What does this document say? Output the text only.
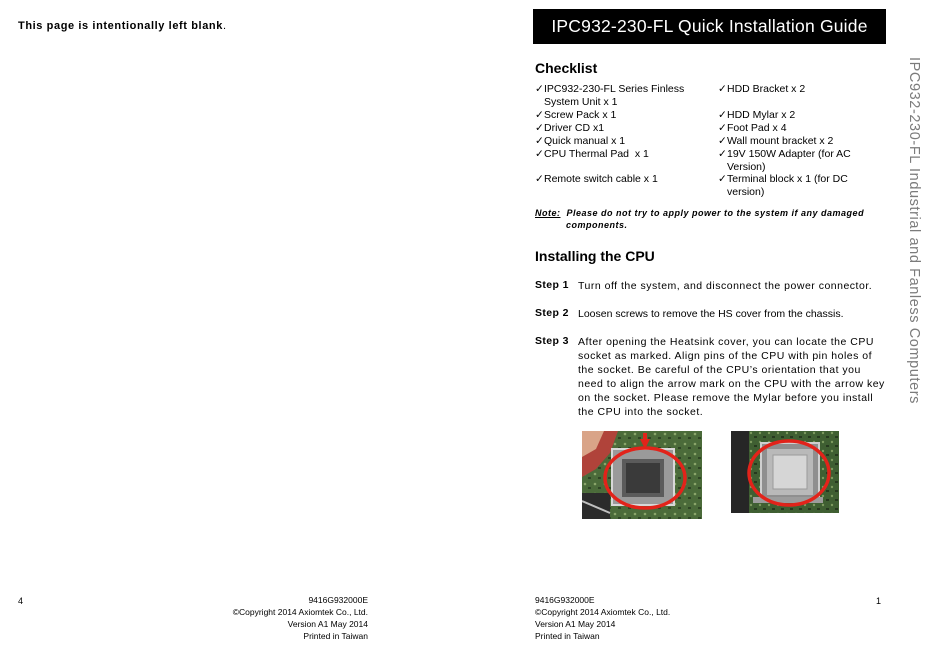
This page is intentionally left blank.
4	9416G932000E
©Copyright 2014 Axiomtek Co., Ltd.
Version A1 May 2014
Printed in Taiwan
IPC932-230-FL Quick Installation Guide
IPC932-230-FL Industrial and Fanless Computers
Checklist
✓IPC932-230-FL Series Finless
System Unit x 1
✓Screw Pack x 1
✓Driver CD x1
✓Quick manual x 1
✓CPU Thermal Pad  x 1
✓Remote switch cable x 1
✓HDD Bracket x 2
✓HDD Mylar x 2
✓Foot Pad x 4
✓Wall mount bracket x 2
✓19V 150W Adapter (for AC
Version)
✓Terminal block x 1 (for DC
version)
Note: Please do not try to apply power to the system if any damaged
components.
Installing the CPU
Step 1 Turn off the system, and disconnect the power connector.
Step 2 Loosen screws to remove the HS cover from the chassis.
Step 3 After opening the Heatsink cover, you can locate the CPU
socket as marked. Align pins of the CPU with pin holes of
the socket. Be careful of the CPU’s orientation that you
need to align the arrow mark on the CPU with the arrow key
on the socket. Please remove the Mylar before you install
the CPU into the socket.
9416G932000E
©Copyright 2014 Axiomtek Co., Ltd.
Version A1 May 2014
Printed in Taiwan
1
